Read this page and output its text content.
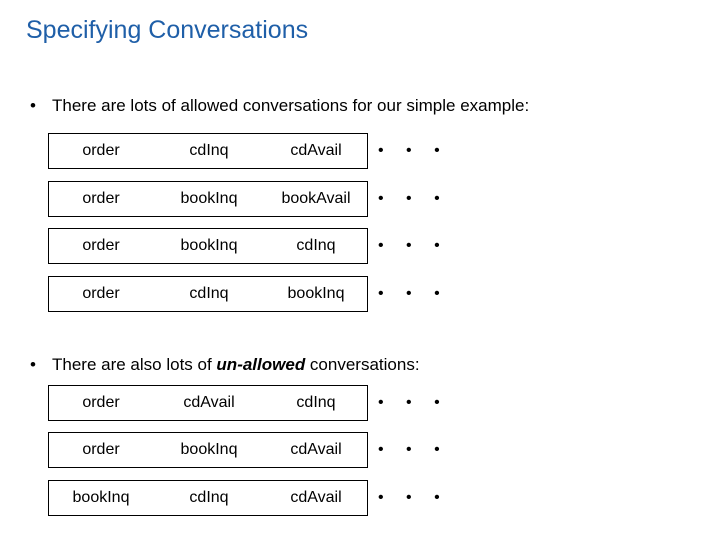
Specifying Conversations
• There are lots of allowed conversations for our simple example:
order	cdInq	cdAvail	• • •
order	bookInq	bookAvail	• • •
order	bookInq	cdInq	• • •
order	cdInq	bookInq	• • •
• There are also lots of un-allowed conversations:
order	cdAvail	cdInq	• • •
order	bookInq	cdAvail	• • •
bookInq	cdInq	cdAvail	• • •
